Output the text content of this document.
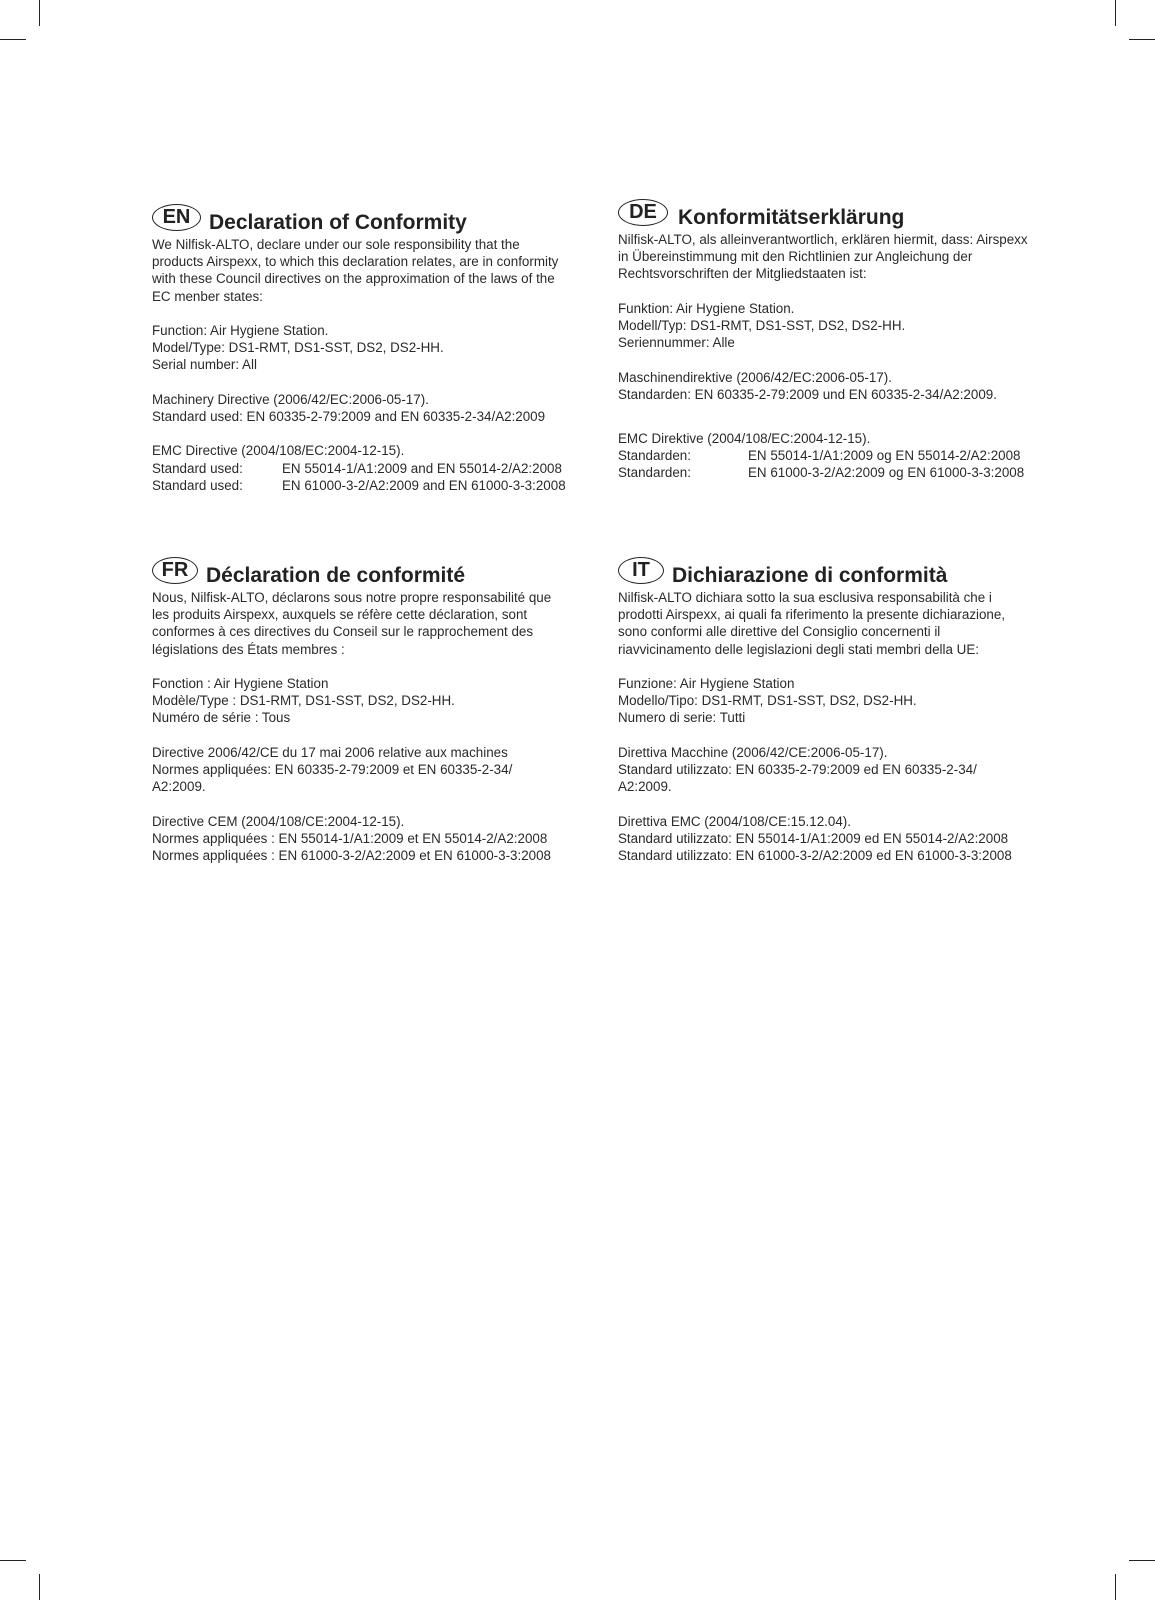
EN Declaration of Conformity

We Nilfisk-ALTO, declare under our sole responsibility that the

products Airspexx, to which this declaration relates, are in conformity

with these Council directives on the approximation of the laws of the

EC menber states:

Function: Air Hygiene Station.

Model/Type: DS1-RMT, DS1-SST, DS2, DS2-HH.

Serial number: All

Machinery Directive (2006/42/EC:2006-05-17).

Standard used: EN 60335-2-79:2009 and EN 60335-2-34/A2:2009

EMC Directive (2004/108/EC:2004-12-15).

Standard used:	EN 55014-1/A1:2009 and EN 55014-2/A2:2008
Standard used:	EN 61000-3-2/A2:2009 and EN 61000-3-3:2008
DE	Konformitätserklärung

Nilfisk-ALTO, als alleinverantwortlich, erklären hiermit, dass: Airspexx

in Übereinstimmung mit den Richtlinien zur Angleichung der

Rechtsvorschriften der Mitgliedstaaten ist:

Funktion: Air Hygiene Station.

Modell/Typ: DS1-RMT, DS1-SST, DS2, DS2-HH.

Seriennummer: Alle

Maschinendirektive (2006/42/EC:2006-05-17).

Standarden: EN 60335-2-79:2009 und EN 60335-2-34/A2:2009.

EMC Direktive (2004/108/EC:2004-12-15).

Standarden:	EN 55014-1/A1:2009 og EN 55014-2/A2:2008
Standarden:	EN 61000-3-2/A2:2009 og EN 61000-3-3:2008
FR Déclaration de conformité

Nous, Nilfisk-ALTO, déclarons sous notre propre responsabilité que

les produits Airspexx, auxquels se réfère cette déclaration, sont

conformes à ces directives du Conseil sur le rapprochement des

législations des États membres :

Fonction : Air Hygiene Station

Modèle/Type : DS1-RMT, DS1-SST, DS2, DS2-HH.

Numéro de série : Tous

Directive 2006/42/CE du 17 mai 2006 relative aux machines

Normes appliquées: EN 60335-2-79:2009 et EN 60335-2-34/

A2:2009.

Directive CEM (2004/108/CE:2004-12-15).

Normes appliquées : EN 55014-1/A1:2009 et EN 55014-2/A2:2008

Normes appliquées : EN 61000-3-2/A2:2009 et EN 61000-3-3:2008

IT	Dichiarazione di conformità

Nilfisk-ALTO dichiara sotto la sua esclusiva responsabilità che i

prodotti Airspexx, ai quali fa riferimento la presente dichiarazione,

sono conformi alle direttive del Consiglio concernenti il

riavvicinamento delle legislazioni degli stati membri della UE:

Funzione: Air Hygiene Station

Modello/Tipo: DS1-RMT, DS1-SST, DS2, DS2-HH.

Numero di serie: Tutti

Direttiva Macchine (2006/42/CE:2006-05-17).

Standard utilizzato: EN 60335-2-79:2009 ed EN 60335-2-34/

A2:2009.

Direttiva EMC (2004/108/CE:15.12.04).

Standard utilizzato: EN 55014-1/A1:2009 ed EN 55014-2/A2:2008

Standard utilizzato: EN 61000-3-2/A2:2009 ed EN 61000-3-3:2008
